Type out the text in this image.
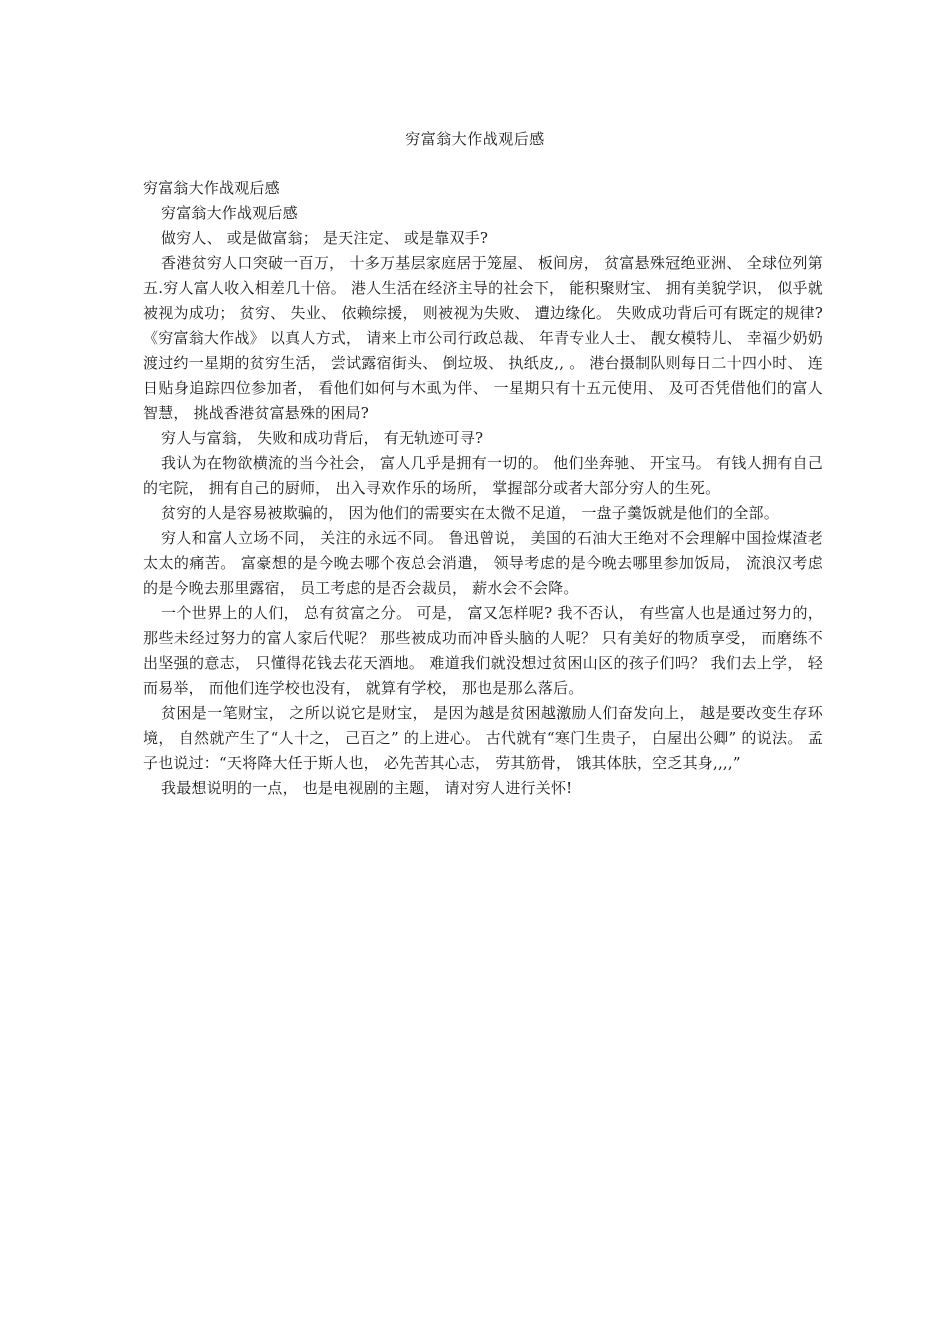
穷富翁大作战观后感

穷富翁大作战观后感

穷富翁大作战观后感

做穷人、 或是做富翁； 是天注定、 或是靠双手?

香港贫穷人口突破一百万， 十多万基层家庭居于笼屋、 板间房， 贫富悬殊冠绝亚洲、 全球位列第五.穷人富人收入相差几十倍。 港人生活在经济主导的社会下， 能积聚财宝、 拥有美貌学识， 似乎就被视为成功； 贫穷、 失业、 依赖综援， 则被视为失败、 遭边缘化。 失败成功背后可有既定的规律? 《穷富翁大作战》 以真人方式， 请来上市公司行政总裁、 年青专业人士、 靓女模特儿、 幸福少奶奶渡过约一星期的贫穷生活， 尝试露宿街头、 倒垃圾、 执纸皮,, 。 港台摄制队则每日二十四小时、 连日贴身追踪四位参加者， 看他们如何与木虱为伴、 一星期只有十五元使用、 及可否凭借他们的富人智慧， 挑战香港贫富悬殊的困局?

穷人与富翁， 失败和成功背后， 有无轨迹可寻?

我认为在物欲横流的当今社会， 富人几乎是拥有一切的。 他们坐奔驰、 开宝马。 有钱人拥有自己的宅院， 拥有自己的厨师， 出入寻欢作乐的场所， 掌握部分或者大部分穷人的生死。

贫穷的人是容易被欺骗的， 因为他们的需要实在太微不足道， 一盘子羹饭就是他们的全部。

穷人和富人立场不同， 关注的永远不同。 鲁迅曾说， 美国的石油大王绝对不会理解中国捡煤渣老太太的痛苦。 富豪想的是今晚去哪个夜总会消遣， 领导考虑的是今晚去哪里参加饭局， 流浪汉考虑的是今晚去那里露宿， 员工考虑的是否会裁员， 薪水会不会降。

一个世界上的人们， 总有贫富之分。 可是， 富又怎样呢? 我不否认， 有些富人也是通过努力的， 那些未经过努力的富人家后代呢？ 那些被成功而冲昏头脑的人呢？ 只有美好的物质享受， 而磨练不出坚强的意志， 只懂得花钱去花天酒地。 难道我们就没想过贫困山区的孩子们吗？ 我们去上学， 轻而易举， 而他们连学校也没有， 就算有学校， 那也是那么落后。

贫困是一笔财宝， 之所以说它是财宝， 是因为越是贫困越激励人们奋发向上， 越是要改变生存环境， 自然就产生了“人十之， 己百之” 的上进心。 古代就有“寒门生贵子， 白屋出公卿” 的说法。 孟子也说过：“天将降大任于斯人也， 必先苦其心志， 劳其筋骨， 饿其体肤，空乏其身,,,,”

我最想说明的一点， 也是电视剧的主题， 请对穷人进行关怀!
